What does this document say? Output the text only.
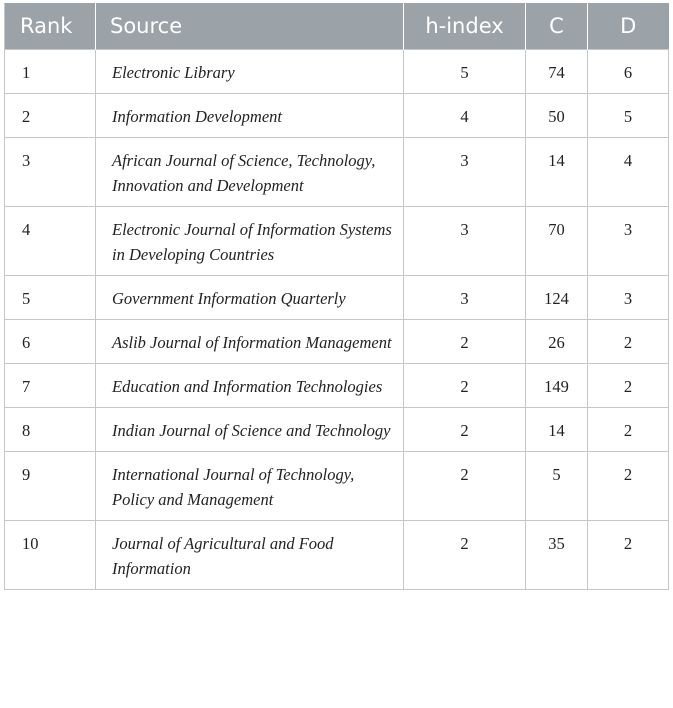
Rank	Source	h-index	C	D
1	Electronic Library	5	74	6
2	Information Development	4	50	5
3	African Journal of Science, Technology, Innovation and Development	3	14	4
4	Electronic Journal of Information Systems in Developing Countries	3	70	3
5	Government Information Quarterly	3	124	3
6	Aslib Journal of Information Management	2	26	2
7	Education and Information Technologies	2	149	2
8	Indian Journal of Science and Technology	2	14	2
9	International Journal of Technology, Policy and Management	2	5	2
10	Journal of Agricultural and Food Information	2	35	2
